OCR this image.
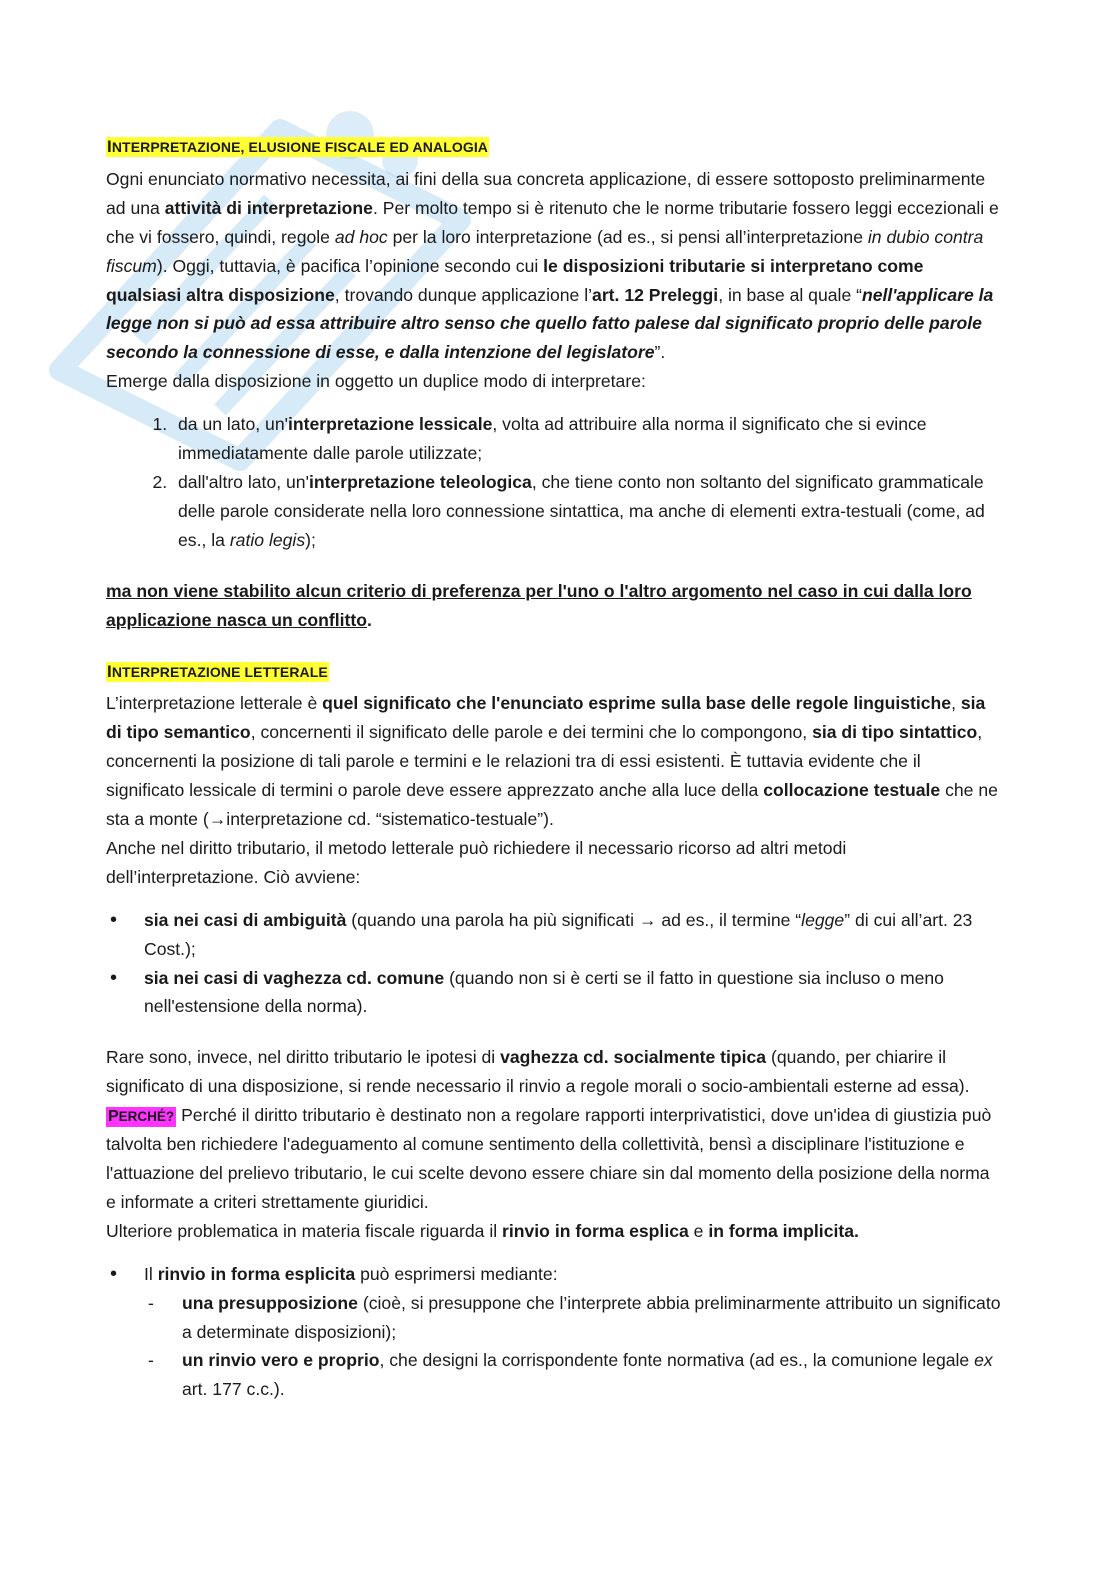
INTERPRETAZIONE, ELUSIONE FISCALE ED ANALOGIA

Ogni enunciato normativo necessita, ai fini della sua concreta applicazione, di essere sottoposto preliminarmente ad una attività di interpretazione. Per molto tempo si è ritenuto che le norme tributarie fossero leggi eccezionali e che vi fossero, quindi, regole ad hoc per la loro interpretazione (ad es., si pensi all’interpretazione in dubio contra fiscum). Oggi, tuttavia, è pacifica l’opinione secondo cui le disposizioni tributarie si interpretano come qualsiasi altra disposizione, trovando dunque applicazione l’art. 12 Preleggi, in base al quale “nell'applicare la legge non si può ad essa attribuire altro senso che quello fatto palese dal significato proprio delle parole secondo la connessione di esse, e dalla intenzione del legislatore”.

Emerge dalla disposizione in oggetto un duplice modo di interpretare:

1. da un lato, un'interpretazione lessicale, volta ad attribuire alla norma il significato che si evince immediatamente dalle parole utilizzate;
2. dall'altro lato, un'interpretazione teleologica, che tiene conto non soltanto del significato grammaticale delle parole considerate nella loro connessione sintattica, ma anche di elementi extra-testuali (come, ad es., la ratio legis);

ma non viene stabilito alcun criterio di preferenza per l'uno o l'altro argomento nel caso in cui dalla loro applicazione nasca un conflitto.

INTERPRETAZIONE LETTERALE

L’interpretazione letterale è quel significato che l'enunciato esprime sulla base delle regole linguistiche, sia di tipo semantico, concernenti il significato delle parole e dei termini che lo compongono, sia di tipo sintattico, concernenti la posizione di tali parole e termini e le relazioni tra di essi esistenti. È tuttavia evidente che il significato lessicale di termini o parole deve essere apprezzato anche alla luce della collocazione testuale che ne sta a monte (→interpretazione cd. “sistematico-testuale”).

Anche nel diritto tributario, il metodo letterale può richiedere il necessario ricorso ad altri metodi dell’interpretazione. Ciò avviene:

• sia nei casi di ambiguità (quando una parola ha più significati → ad es., il termine “legge” di cui all’art. 23 Cost.);
• sia nei casi di vaghezza cd. comune (quando non si è certi se il fatto in questione sia incluso o meno nell'estensione della norma).

Rare sono, invece, nel diritto tributario le ipotesi di vaghezza cd. socialmente tipica (quando, per chiarire il significato di una disposizione, si rende necessario il rinvio a regole morali o socio-ambientali esterne ad essa). PERCHÉ? Perché il diritto tributario è destinato non a regolare rapporti interprivatistici, dove un'idea di giustizia può talvolta ben richiedere l'adeguamento al comune sentimento della collettività, bensì a disciplinare l'istituzione e l'attuazione del prelievo tributario, le cui scelte devono essere chiare sin dal momento della posizione della norma e informate a criteri strettamente giuridici.

Ulteriore problematica in materia fiscale riguarda il rinvio in forma esplica e in forma implicita.

• Il rinvio in forma esplicita può esprimersi mediante:
- una presupposizione (cioè, si presuppone che l’interprete abbia preliminarmente attribuito un significato a determinate disposizioni);
- un rinvio vero e proprio, che designi la corrispondente fonte normativa (ad es., la comunione legale ex art. 177 c.c.).
